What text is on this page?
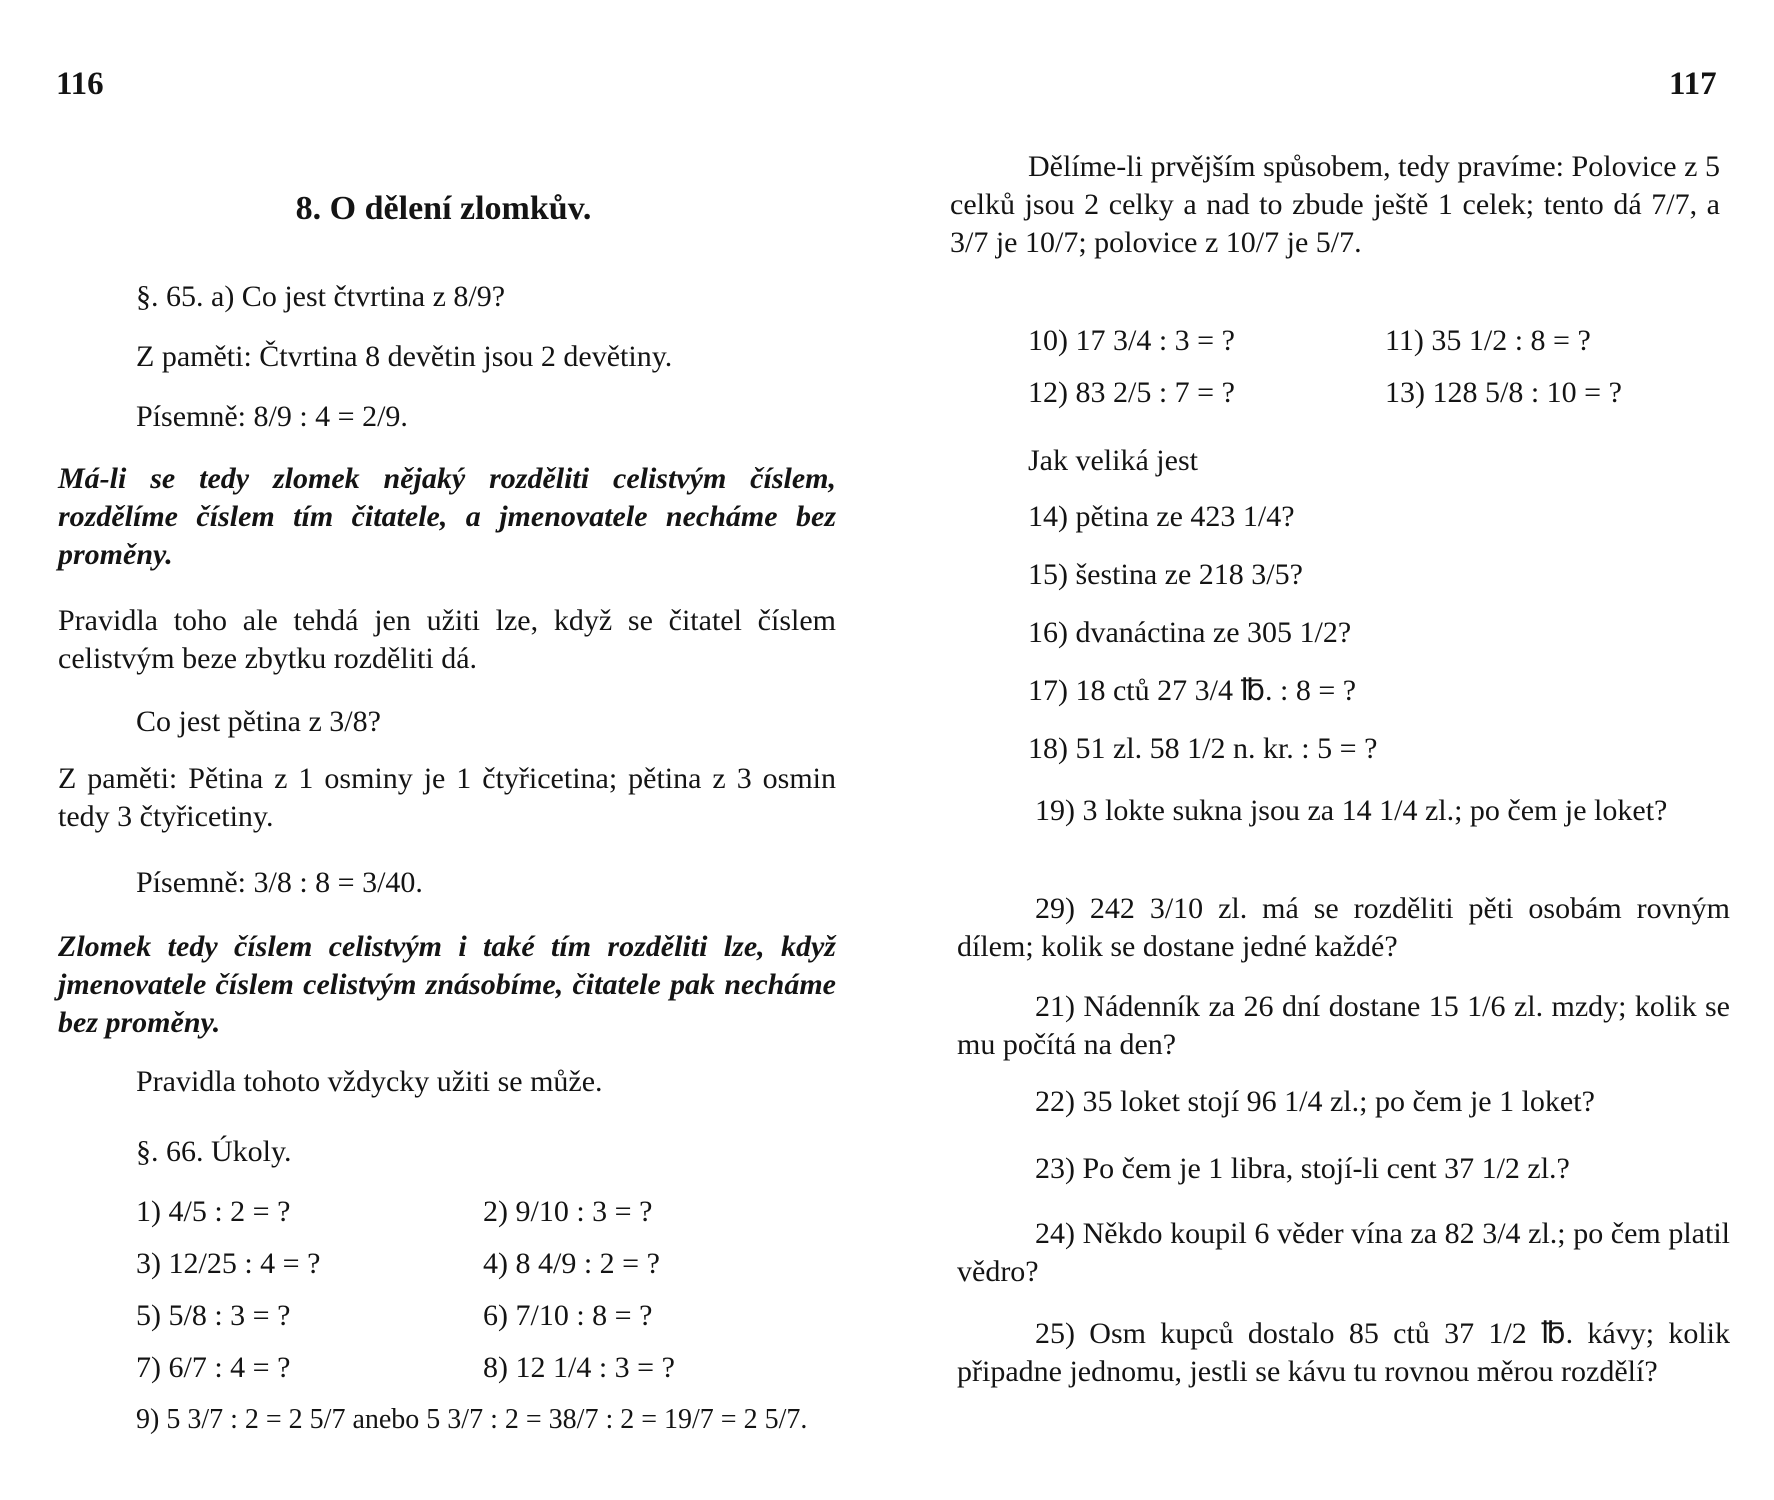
116
8. O dělení zlomkův.
§. 65. a) Co jest čtvrtina z 8/9?
Z paměti: Čtvrtina 8 devětin jsou 2 devětiny.
Písemně: 8/9 : 4 = 2/9.
Má-li se tedy zlomek nějaký rozděliti celistvým číslem, rozdělíme číslem tím čitatele, a jmenovatele necháme bez proměny.
Pravidla toho ale tehdá jen užiti lze, když se čitatel číslem celistvým beze zbytku rozděliti dá.
Co jest pětina z 3/8?
Z paměti: Pětina z 1 osminy je 1 čtyřicetina; pětina z 3 osmin tedy 3 čtyřicetiny.
Písemně: 3/8 : 8 = 3/40.
Zlomek tedy číslem celistvým i také tím rozděliti lze, když jmenovatele číslem celistvým znásobíme, čitatele pak necháme bez proměny.
Pravidla tohoto vždycky užiti se může.
§. 66. Úkoly.
1) 4/5 : 2 = ?	2) 9/10 : 3 = ?
3) 12/25 : 4 = ?	4) 8 4/9 : 2 = ?
5) 5/8 : 3 = ?	6) 7/10 : 8 = ?
7) 6/7 : 4 = ?	8) 12 1/4 : 3 = ?
9) 5 3/7 : 2 = 2 5/7 anebo 5 3/7 : 2 = 38/7 : 2 = 19/7 = 2 5/7.
117
Dělíme-li prvějším spůsobem, tedy pravíme: Polovice z 5 celků jsou 2 celky a nad to zbude ještě 1 celek; tento dá 7/7, a 3/7 je 10/7; polovice z 10/7 je 5/7.
10) 17 3/4 : 3 = ?	11) 35 1/2 : 8 = ?
12) 83 2/5 : 7 = ?	13) 128 5/8 : 10 = ?
Jak veliká jest
14) pětina ze 423 1/4?
15) šestina ze 218 3/5?
16) dvanáctina ze 305 1/2?
17) 18 ctů 27 3/4 ℔. : 8 = ?
18) 51 zl. 58 1/2 n. kr. : 5 = ?
19) 3 lokte sukna jsou za 14 1/4 zl.; po čem je loket?
29) 242 3/10 zl. má se rozděliti pěti osobám rovným dílem; kolik se dostane jedné každé?
21) Nádenník za 26 dní dostane 15 1/6 zl. mzdy; kolik se mu počítá na den?
22) 35 loket stojí 96 1/4 zl.; po čem je 1 loket?
23) Po čem je 1 libra, stojí-li cent 37 1/2 zl.?
24) Někdo koupil 6 věder vína za 82 3/4 zl.; po čem platil vědro?
25) Osm kupců dostalo 85 ctů 37 1/2 ℔. kávy; kolik připadne jednomu, jestli se kávu tu rovnou měrou rozdělí?
